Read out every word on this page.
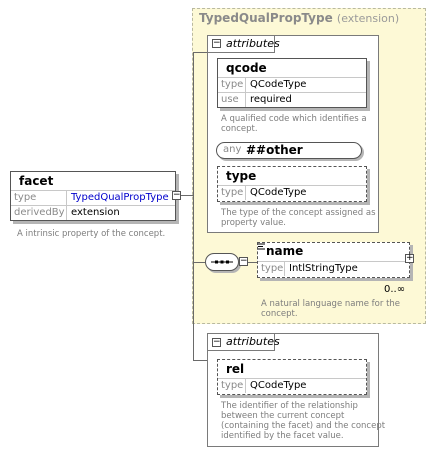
TypedQualPropType (extension)
facet
type	TypedQualPropType
derivedBy extension
−
A intrinsic property of the concept.
− attributes
qcode
type QCodeType
use	required
A qualified code which identifies a
concept.
any ##other
type
type QCodeType
The type of the concept assigned as
property value.
−
name
type IntlStringType
+
0..∞
A natural language name for the
concept.
− attributes
rel
type QCodeType
The identifier of the relationship
between the current concept
(containing the facet) and the concept
identified by the facet value.
